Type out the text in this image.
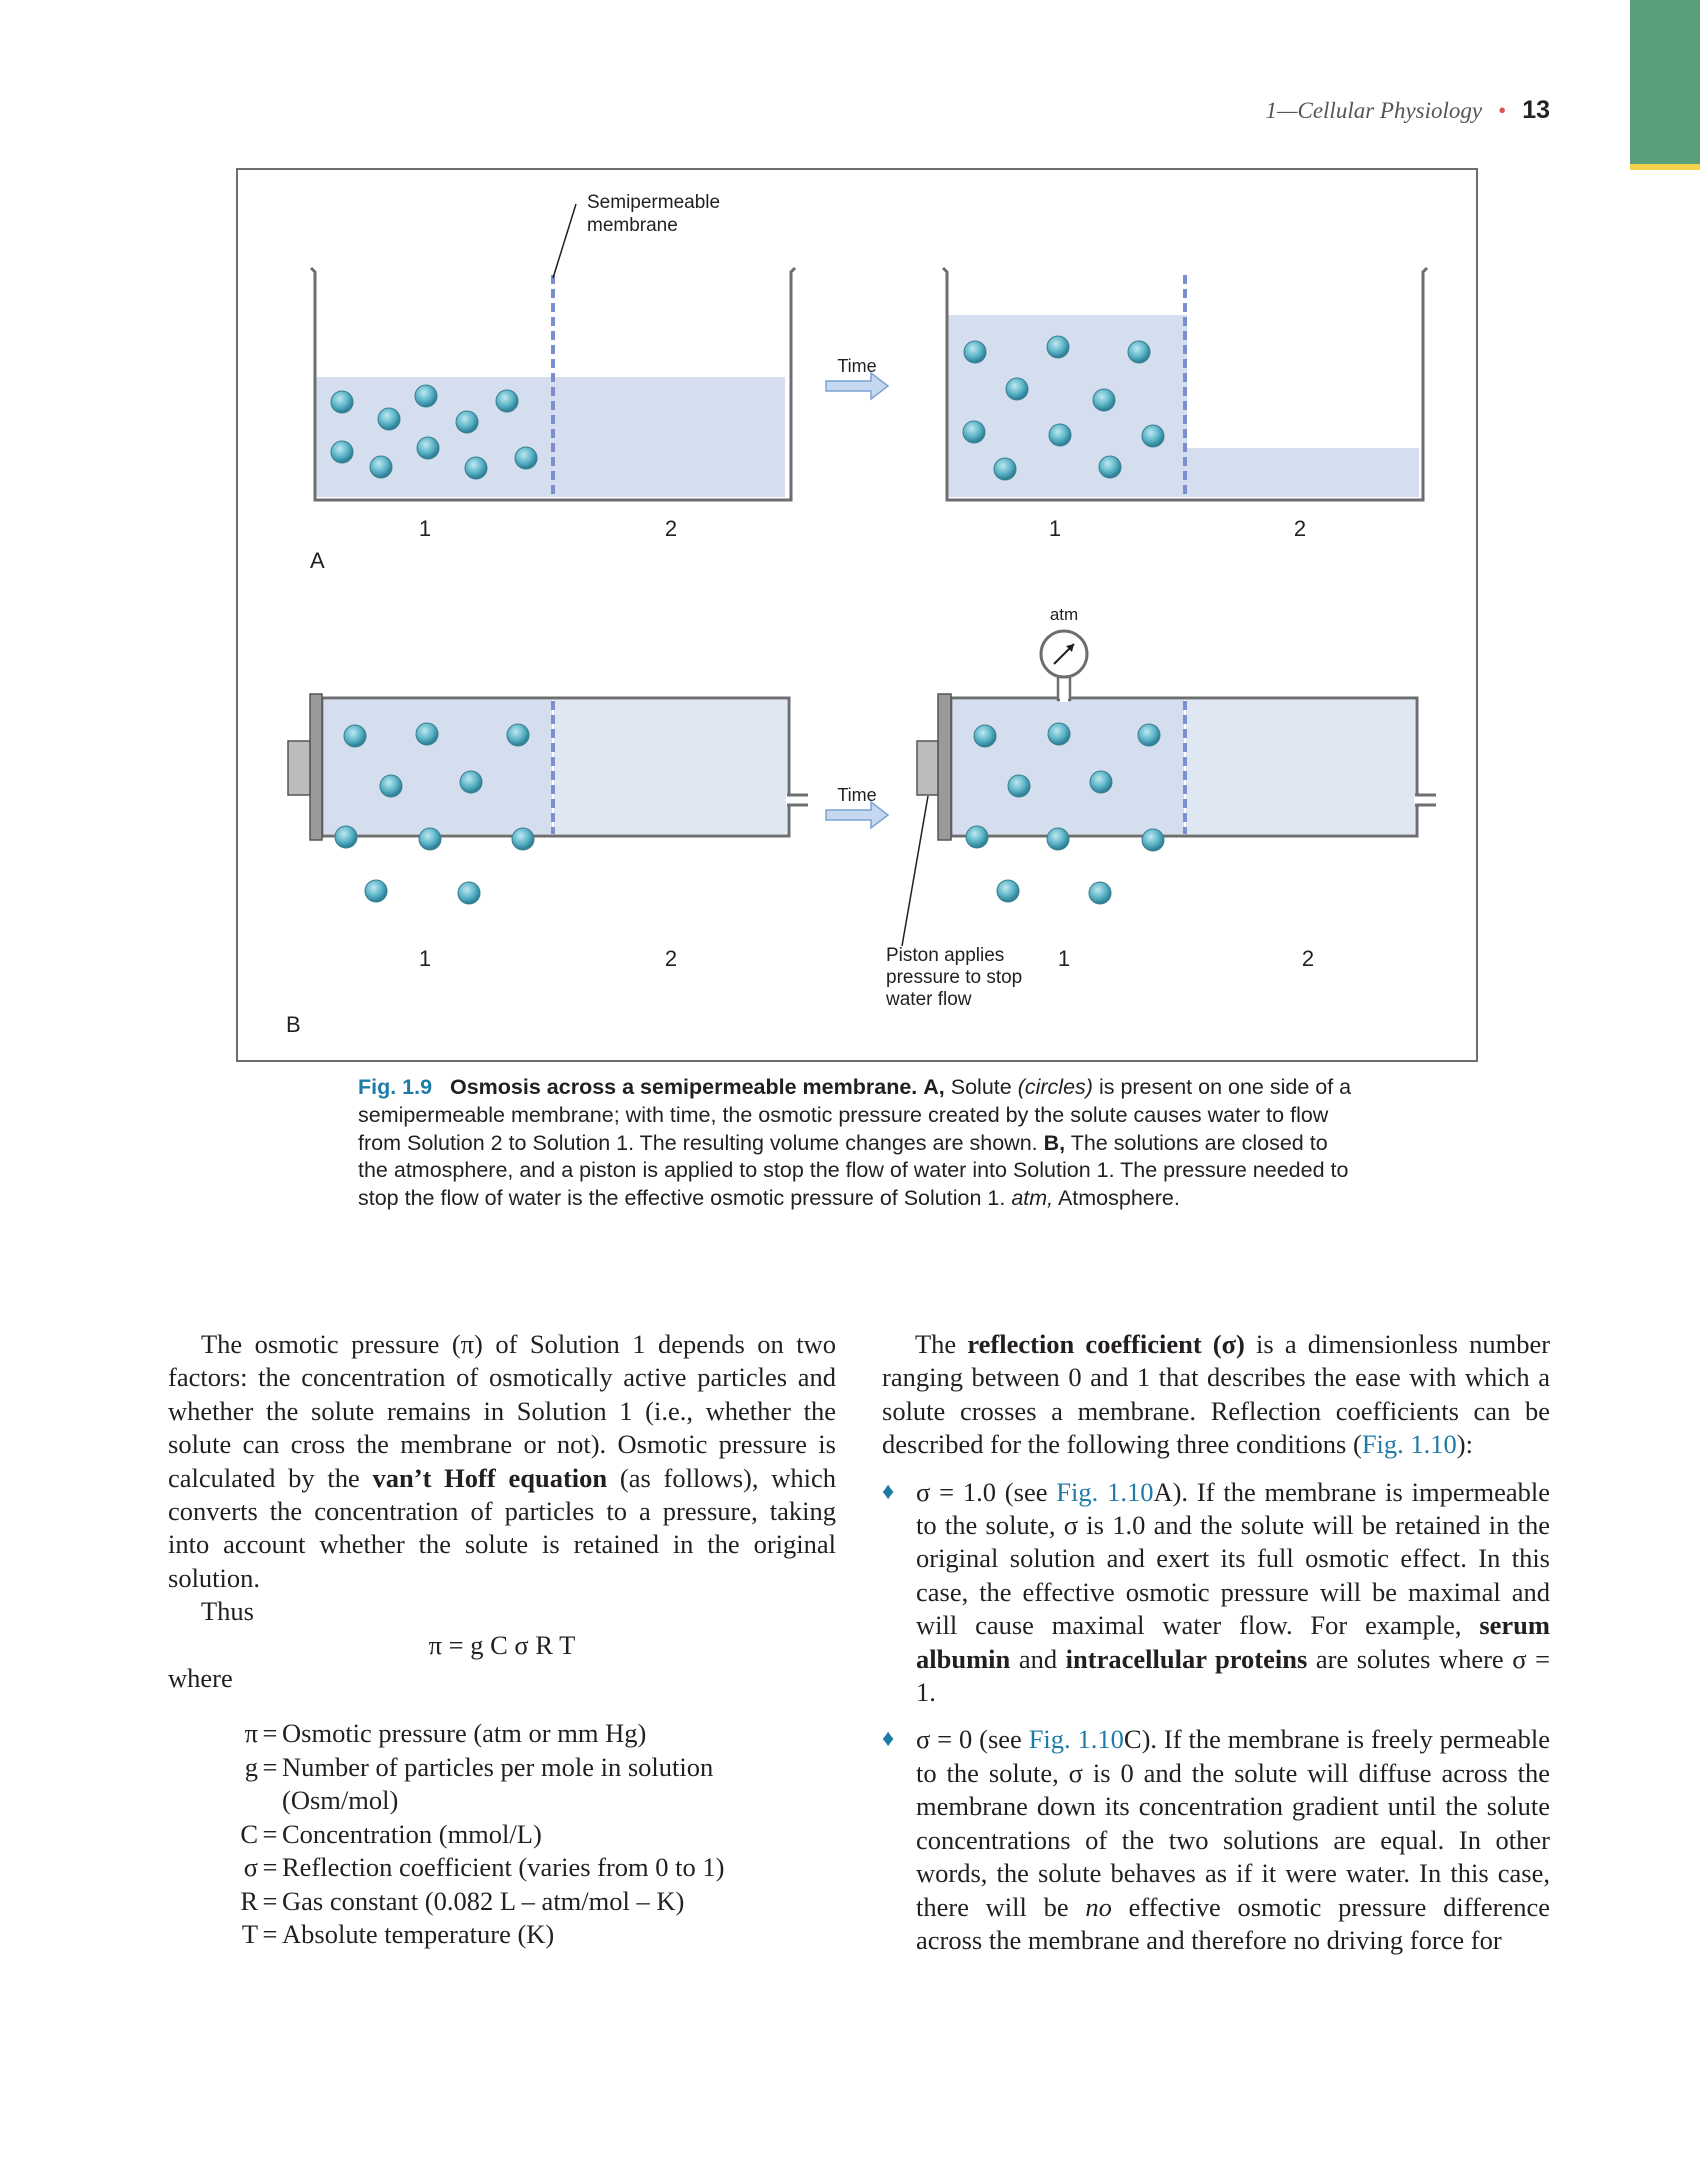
1—Cellular Physiology • 13
Semipermeable
membrane
1	2
A
Time
1	2
1	2
B
Time
atm
Piston applies
pressure to stop
water flow
1	2
Fig. 1.9 Osmosis across a semipermeable membrane. A, Solute (circles) is present on one side of a semipermeable membrane; with time, the osmotic pressure created by the solute causes water to flow from Solution 2 to Solution 1. The resulting volume changes are shown. B, The solutions are closed to the atmosphere, and a piston is applied to stop the flow of water into Solution 1. The pressure needed to stop the flow of water is the effective osmotic pressure of Solution 1. atm, Atmosphere.

The osmotic pressure (π) of Solution 1 depends on two factors: the concentration of osmotically active particles and whether the solute remains in Solution 1 (i.e., whether the solute can cross the membrane or not). Osmotic pressure is calculated by the van’t Hoff equation (as follows), which converts the concentration of particles to a pressure, taking into account whether the solute is retained in the original solution.

Thus

π = g C σ R T

where

π = Osmotic pressure (atm or mm Hg)
g = Number of particles per mole in solution
(Osm/mol)
C = Concentration (mmol/L)
σ = Reflection coefficient (varies from 0 to 1)
R = Gas constant (0.082 L – atm/mol – K)
T = Absolute temperature (K)

The reflection coefficient (σ) is a dimensionless number ranging between 0 and 1 that describes the ease with which a solute crosses a membrane. Reflection coefficients can be described for the following three conditions (Fig. 1.10):

♦ σ = 1.0 (see Fig. 1.10A). If the membrane is impermeable to the solute, σ is 1.0 and the solute will be retained in the original solution and exert its full osmotic effect. In this case, the effective osmotic pressure will be maximal and will cause maximal water flow. For example, serum albumin and intracellular proteins are solutes where σ = 1.
♦ σ = 0 (see Fig. 1.10C). If the membrane is freely permeable to the solute, σ is 0 and the solute will diffuse across the membrane down its concentration gradient until the solute concentrations of the two solutions are equal. In other words, the solute behaves as if it were water. In this case, there will be no effective osmotic pressure difference across the membrane and therefore no driving force for
